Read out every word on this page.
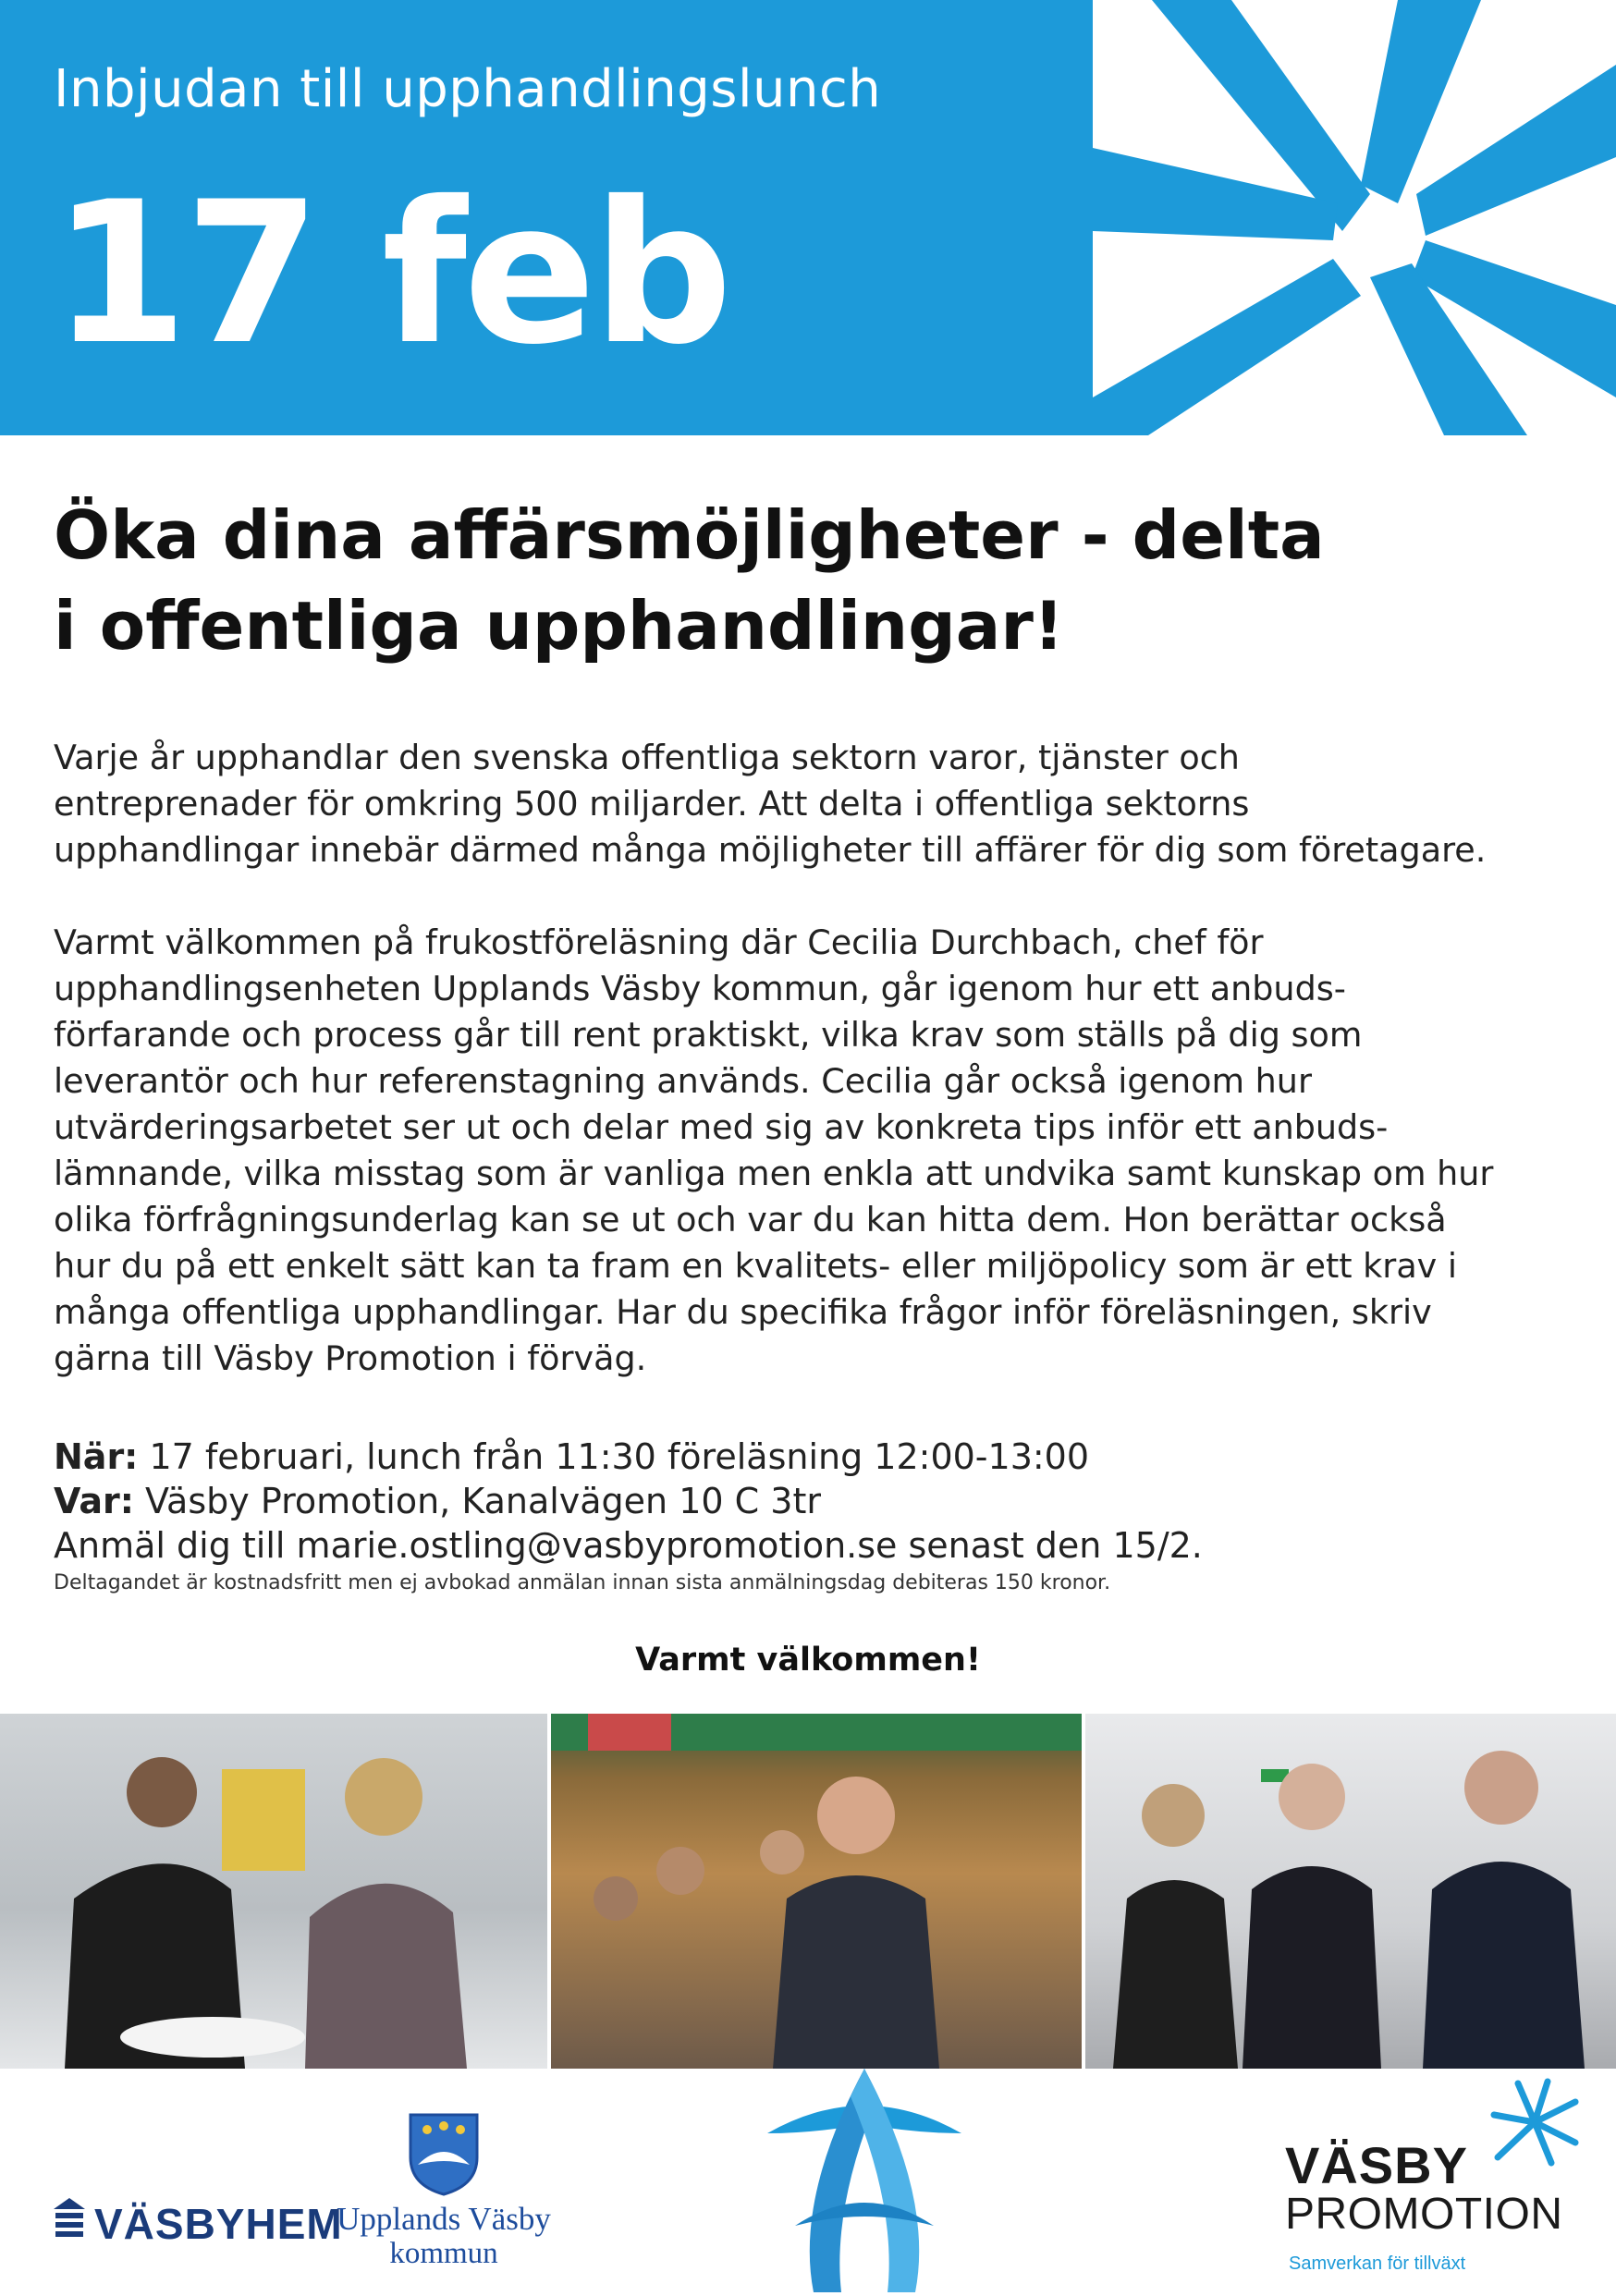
Inbjudan till upphandlingslunch
17 feb
Öka dina affärsmöjligheter - delta
i offentliga upphandlingar!
Varje år upphandlar den svenska offentliga sektorn varor, tjänster och
entreprenader för omkring 500 miljarder. Att delta i offentliga sektorns
upphandlingar innebär därmed många möjligheter till affärer för dig som företagare.
Varmt välkommen på frukostföreläsning där Cecilia Durchbach, chef för
upphandlingsenheten Upplands Väsby kommun, går igenom hur ett anbuds-
förfarande och process går till rent praktiskt, vilka krav som ställs på dig som
leverantör och hur referenstagning används. Cecilia går också igenom hur
utvärderingsarbetet ser ut och delar med sig av konkreta tips inför ett anbuds-
lämnande, vilka misstag som är vanliga men enkla att undvika samt kunskap om hur
olika förfrågningsunderlag kan se ut och var du kan hitta dem. Hon berättar också
hur du på ett enkelt sätt kan ta fram en kvalitets- eller miljöpolicy som är ett krav i
många offentliga upphandlingar. Har du specifika frågor inför föreläsningen, skriv
gärna till Väsby Promotion i förväg.
När: 17 februari, lunch från 11:30 föreläsning 12:00-13:00
Var: Väsby Promotion, Kanalvägen 10 C 3tr
Anmäl dig till marie.ostling@vasbypromotion.se senast den 15/2.
Deltagandet är kostnadsfritt men ej avbokad anmälan innan sista anmälningsdag debiteras 150 kronor.
Varmt välkommen!
VÄSBYHEM
Upplands Väsby
kommun
VÄSBY
PROMOTION
Samverkan för tillväxt
